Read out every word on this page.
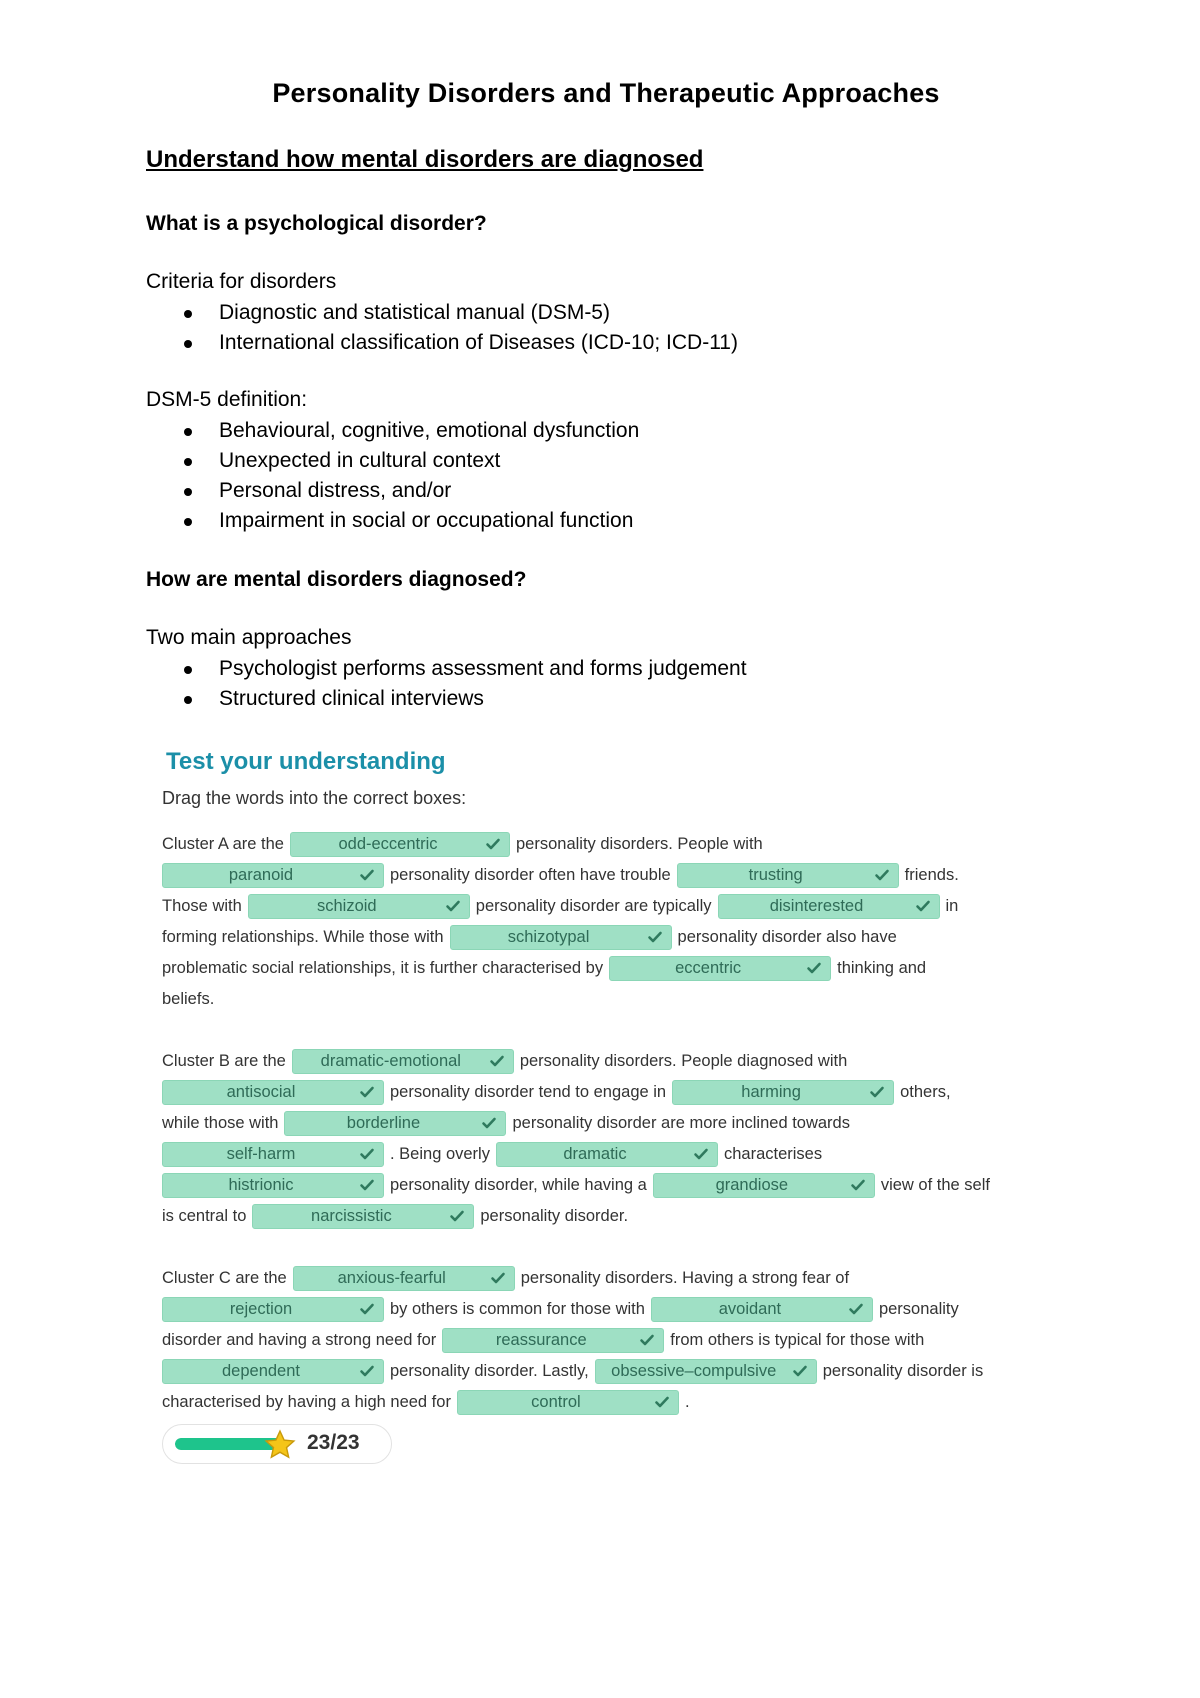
Personality Disorders and Therapeutic Approaches
Understand how mental disorders are diagnosed
What is a psychological disorder?
Criteria for disorders
Diagnostic and statistical manual (DSM-5)
International classification of Diseases (ICD-10; ICD-11)
DSM-5 definition:
Behavioural, cognitive, emotional dysfunction
Unexpected in cultural context
Personal distress, and/or
Impairment in social or occupational function
How are mental disorders diagnosed?
Two main approaches
Psychologist performs assessment and forms judgement
Structured clinical interviews
Test your understanding
Drag the words into the correct boxes:
Cluster A are the	odd-eccentric	personality disorders. People with
paranoid	personality disorder often have trouble	trusting	friends.
Those with	schizoid	personality disorder are typically	disinterested	in
forming relationships. While those with	schizotypal	personality disorder also have
problematic social relationships, it is further characterised by	eccentric	thinking and
beliefs.
Cluster B are the	dramatic-emotional	personality disorders. People diagnosed with
antisocial	personality disorder tend to engage in	harming	others,
while those with	borderline	personality disorder are more inclined towards
self-harm	. Being overly	dramatic	characterises
histrionic	personality disorder, while having a	grandiose	view of the self
is central to	narcissistic	personality disorder.
Cluster C are the	anxious-fearful	personality disorders. Having a strong fear of
rejection	by others is common for those with	avoidant	personality
disorder and having a strong need for	reassurance	from others is typical for those with
dependent	personality disorder. Lastly,	obsessive–compulsive	personality disorder is
characterised by having a high need for	control	.
23/23
